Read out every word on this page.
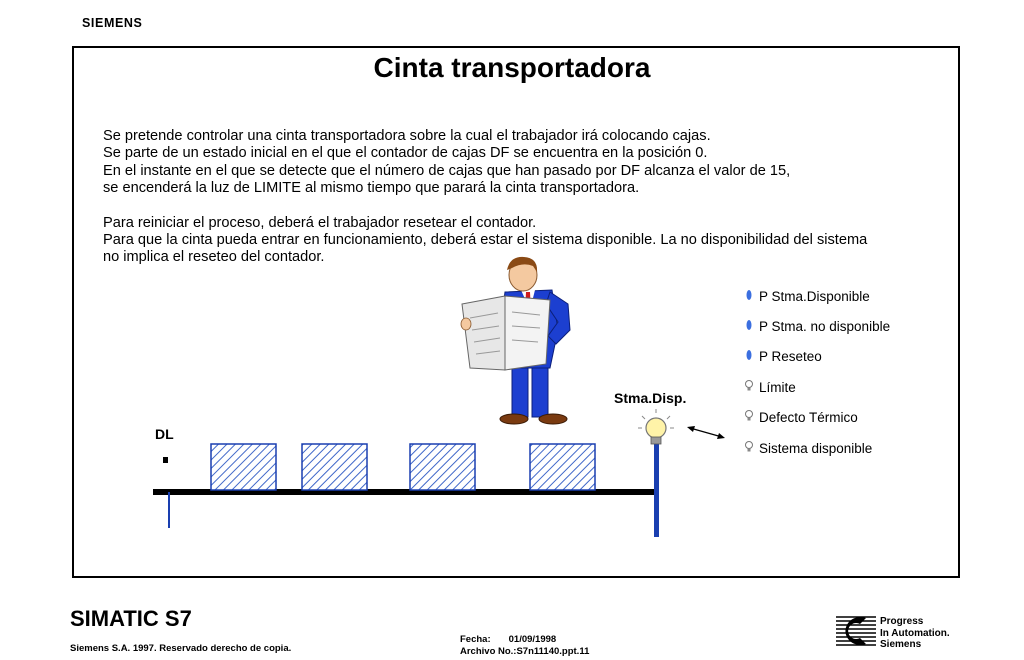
SIEMENS
Cinta transportadora

Se pretende controlar una cinta transportadora sobre la cual el trabajador irá colocando cajas.
Se parte de un estado inicial en el que el contador de cajas DF se encuentra en la posición 0.
En el instante en el que se detecte que el número de cajas que han pasado por DF alcanza el valor de 15,
se encenderá la luz de LIMITE al mismo tiempo que parará la cinta transportadora.

Para reiniciar el proceso, deberá el trabajador resetear el contador.
Para que la cinta pueda entrar en funcionamiento, deberá estar el sistema disponible. La no disponibilidad del sistema
no implica el reseteo del contador.

Stma.Disp.
DL
P Stma.Disponible
P Stma. no disponible
P Reseteo
Límite
Defecto Térmico
Sistema disponible
SIMATIC S7
Siemens S.A. 1997. Reservado derecho de copia.
Fecha: 01/09/1998
Archivo No.:S7n11140.ppt.11
Progress
In Automation.
Siemens
